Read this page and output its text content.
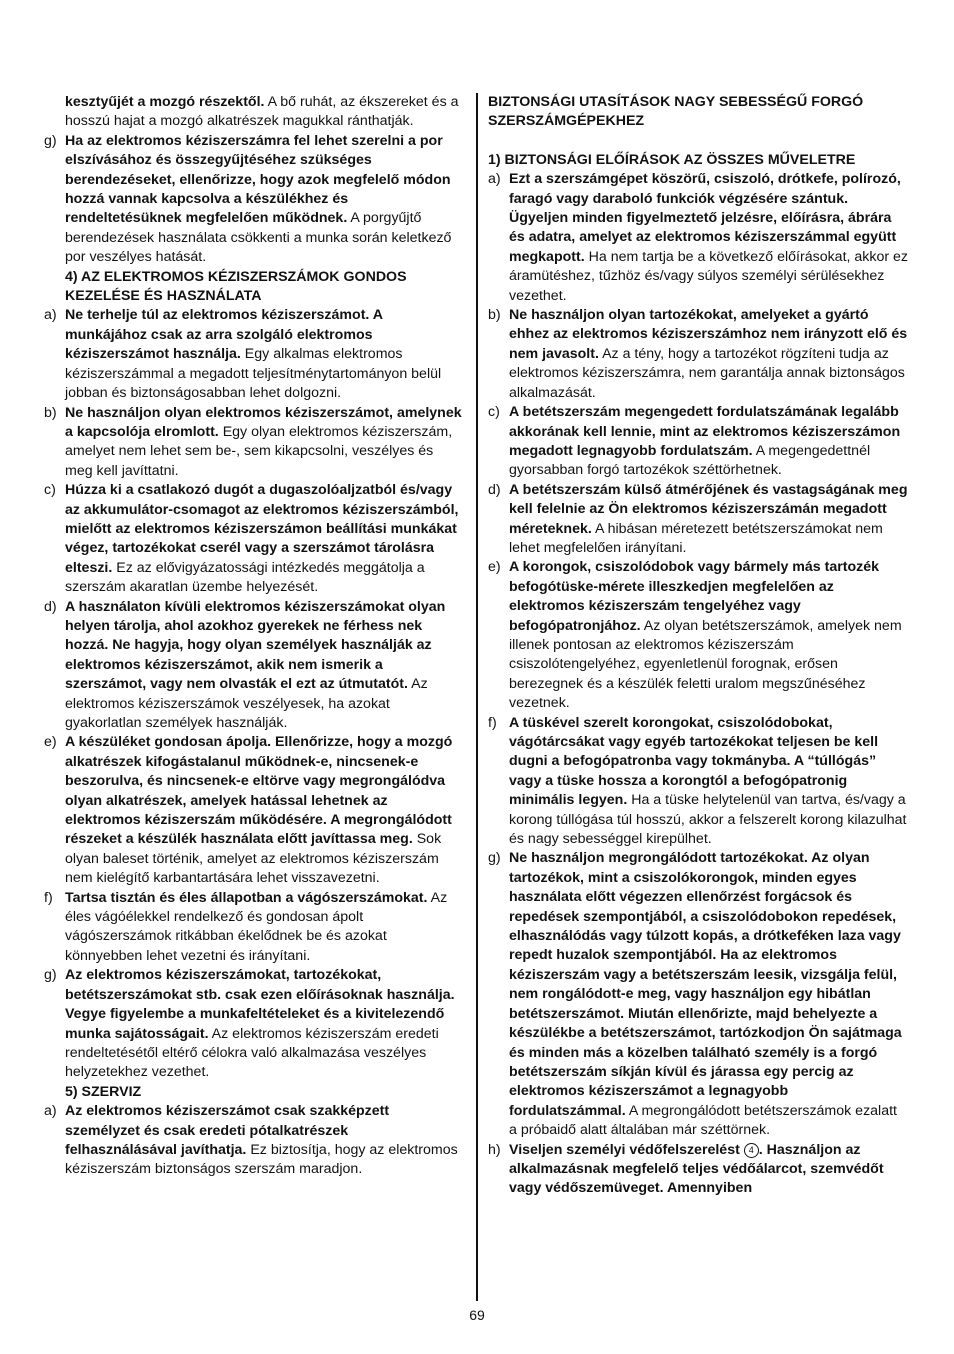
kesztyűjét a mozgó részektől. A bő ruhát, az ékszereket és a hosszú hajat a mozgó alkatrészek magukkal ránthatják.
g) Ha az elektromos kéziszerszámra fel lehet szerelni a por elszívásához és összegyűjtéséhez szükséges berendezéseket, ellenőrizze, hogy azok megfelelő módon hozzá vannak kapcsolva a készülékhez és rendeltetésüknek megfelelően működnek. A porgyűjtő berendezések használata csökkenti a munka során keletkező por veszélyes hatását.
4) AZ ELEKTROMOS KÉZISZERSZÁMOK GONDOS KEZELÉSE ÉS HASZNÁLATA
a) Ne terhelje túl az elektromos kéziszerszámot. A munkájához csak az arra szolgáló elektromos kéziszerszámot használja. Egy alkalmas elektromos kéziszerszámmal a megadott teljesítménytartományon belül jobban és biztonságosabban lehet dolgozni.
b) Ne használjon olyan elektromos kéziszerszámot, amelynek a kapcsolója elromlott. Egy olyan elektromos kéziszerszám, amelyet nem lehet sem be-, sem kikapcsolni, veszélyes és meg kell javíttatni.
c) Húzza ki a csatlakozó dugót a dugaszolóaljzatból és/vagy az akkumulátor-csomagot az elektromos kéziszerszámból, mielőtt az elektromos kéziszerszámon beállítási munkákat végez, tartozékokat cserél vagy a szerszámot tárolásra elteszi. Ez az elővigyázatossági intézkedés meggátolja a szerszám akaratlan üzembe helyezését.
d) A használaton kívüli elektromos kéziszerszámokat olyan helyen tárolja, ahol azokhoz gyerekek ne férhess nek hozzá. Ne hagyja, hogy olyan személyek használják az elektromos kéziszerszámot, akik nem ismerik a szerszámot, vagy nem olvasták el ezt az útmutatót. Az elektromos kéziszerszámok veszélyesek, ha azokat gyakorlatlan személyek használják.
e) A készüléket gondosan ápolja. Ellenőrizze, hogy a mozgó alkatrészek kifogástalanul működnek-e, nincsenek-e beszorulva, és nincsenek-e eltörve vagy megrongálódva olyan alkatrészek, amelyek hatással lehetnek az elektromos kéziszerszám működésére. A megrongálódott részeket a készülék használata előtt javíttassa meg. Sok olyan baleset történik, amelyet az elektromos kéziszerszám nem kielégítő karbantartására lehet visszavezetni.
f) Tartsa tisztán és éles állapotban a vágószerszámokat. Az éles vágóélekkel rendelkező és gondosan ápolt vágószerszámok ritkábban ékelődnek be és azokat könnyebben lehet vezetni és irányítani.
g) Az elektromos kéziszerszámokat, tartozékokat, betétszerszámokat stb. csak ezen előírásoknak használja. Vegye figyelembe a munkafeltételeket és a kivitelezendő munka sajátosságait. Az elektromos kéziszerszám eredeti rendeltetésétől eltérő célokra való alkalmazása veszélyes helyzetekhez vezethet.
5) SZERVIZ
a) Az elektromos kéziszerszámot csak szakképzett személyzet és csak eredeti pótalkatrészek felhasználásával javíthatja. Ez biztosítja, hogy az elektromos kéziszerszám biztonságos szerszám maradjon.
BIZTONSÁGI UTASÍTÁSOK NAGY SEBESSÉGŰ FORGÓ SZERSZÁMGÉPEKHEZ
1) BIZTONSÁGI ELŐÍRÁSOK AZ ÖSSZES MŰVELETRE
a) Ezt a szerszámgépet köszörű, csiszoló, drótkefe, polírozó, faragó vagy daraboló funkciók végzésére szántuk. Ügyeljen minden figyelmeztető jelzésre, előírásra, ábrára és adatra, amelyet az elektromos kéziszerszámmal együtt megkapott. Ha nem tartja be a következő előírásokat, akkor ez áramütéshez, tűzhöz és/vagy súlyos személyi sérülésekhez vezethet.
b) Ne használjon olyan tartozékokat, amelyeket a gyártó ehhez az elektromos kéziszerszámhoz nem irányzott elő és nem javasolt. Az a tény, hogy a tartozékot rögzíteni tudja az elektromos kéziszerszámra, nem garantálja annak biztonságos alkalmazását.
c) A betétszerszám megengedett fordulatszámának legalább akkorának kell lennie, mint az elektromos kéziszerszámon megadott legnagyobb fordulatszám. A megengedettnél gyorsabban forgó tartozékok széttörhetnek.
d) A betétszerszám külső átmérőjének és vastagságának meg kell felelnie az Ön elektromos kéziszerszámán megadott méreteknek. A hibásan méretezett betétszerszámokat nem lehet megfelelően irányítani.
e) A korongok, csiszolódobok vagy bármely más tartozék befogótüske-mérete illeszkedjen megfelelően az elektromos kéziszerszám tengelyéhez vagy befogópatronjához. Az olyan betétszerszámok, amelyek nem illenek pontosan az elektromos kéziszerszám csiszolótengelyéhez, egyenletlenül forognak, erősen berezegnek és a készülék feletti uralom megszűnéséhez vezetnek.
f) A tüskével szerelt korongokat, csiszolódobokat, vágótárcsákat vagy egyéb tartozékokat teljesen be kell dugni a befogópatronba vagy tokmányba. A “túllógás” vagy a tüske hossza a korongtól a befogópatronig minimális legyen. Ha a tüske helytelenül van tartva, és/vagy a korong túllógása túl hosszú, akkor a felszerelt korong kilazulhat és nagy sebességgel kirepülhet.
g) Ne használjon megrongálódott tartozékokat. Az olyan tartozékok, mint a csiszolókorongok, minden egyes használata előtt végezzen ellenőrzést forgácsok és repedések szempontjából, a csiszolódobokon repedések, elhasználódás vagy túlzott kopás, a drótkeféken laza vagy repedt huzalok szempontjából. Ha az elektromos kéziszerszám vagy a betétszerszám leesik, vizsgálja felül, nem rongálódott-e meg, vagy használjon egy hibátlan betétszerszámot. Miután ellenőrizte, majd behelyezte a készülékbe a betétszerszámot, tartózkodjon Ön sajátmaga és minden más a közelben található személy is a forgó betétszerszám síkján kívül és járassa egy percig az elektromos kéziszerszámot a legnagyobb fordulatszámmal. A megrongálódott betétszerszámok ezalatt a próbaidő alatt általában már széttörnek.
h) Viseljen személyi védőfelszerelést 4 . Használjon az alkalmazásnak megfelelő teljes védőálarcot, szemvédőt vagy védőszemüveget. Amennyiben
69
